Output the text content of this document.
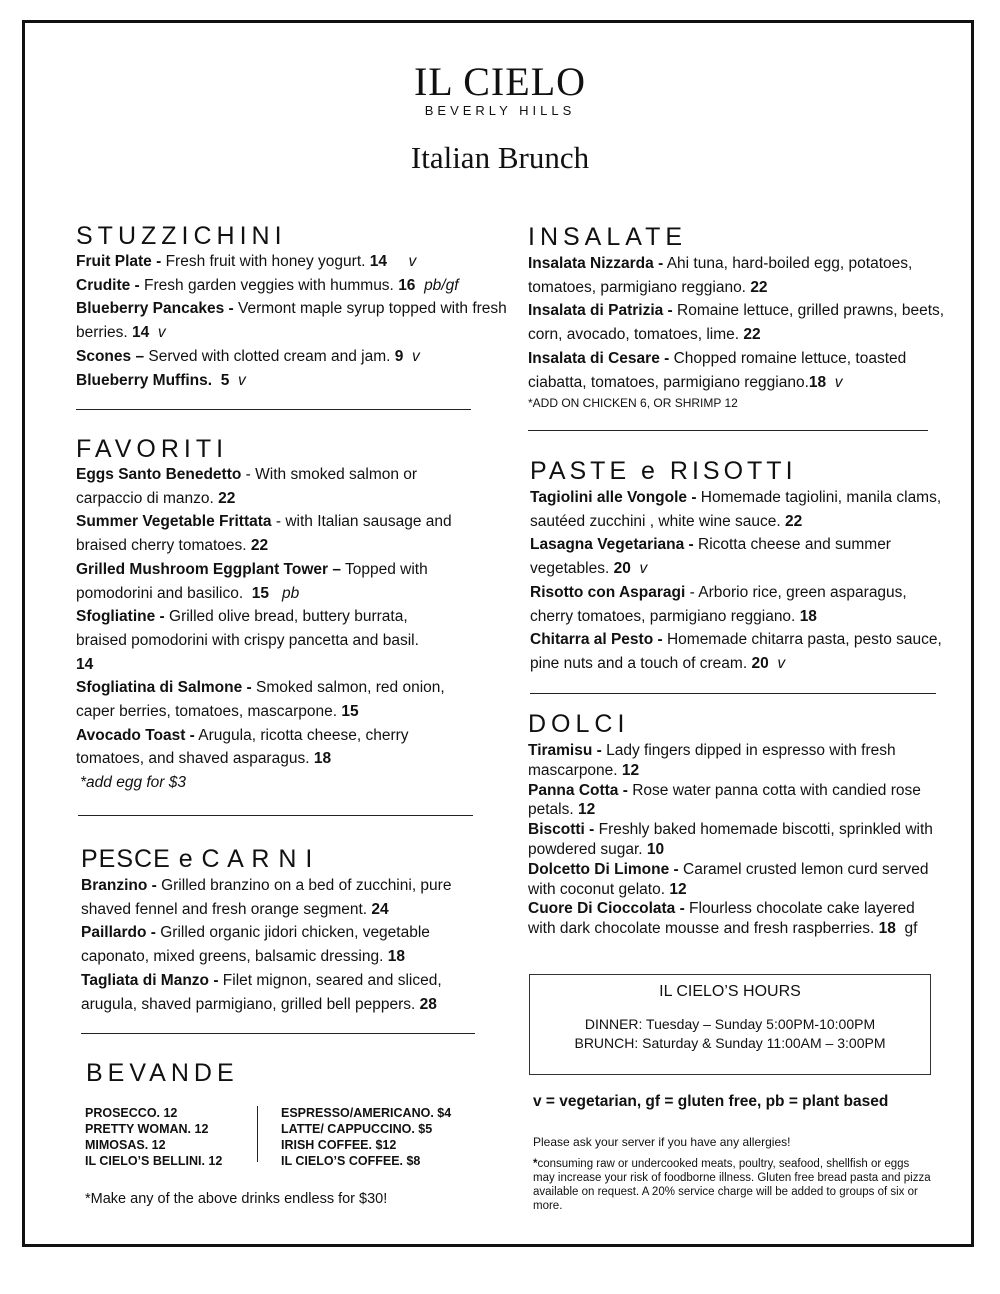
IL CIELO
BEVERLY HILLS
Italian Brunch
STUZZICHINI
Fruit Plate - Fresh fruit with honey yogurt. 14 v
Crudite - Fresh garden veggies with hummus. 16 pb/gf
Blueberry Pancakes - Vermont maple syrup topped with fresh berries. 14 v
Scones – Served with clotted cream and jam. 9 v
Blueberry Muffins. 5 v
FAVORITI
Eggs Santo Benedetto - With smoked salmon or carpaccio di manzo. 22
Summer Vegetable Frittata - with Italian sausage and braised cherry tomatoes. 22
Grilled Mushroom Eggplant Tower – Topped with pomodorini and basilico. 15 pb
Sfogliatine - Grilled olive bread, buttery burrata, braised pomodorini with crispy pancetta and basil. 14
Sfogliatina di Salmone - Smoked salmon, red onion, caper berries, tomatoes, mascarpone. 15
Avocado Toast - Arugula, ricotta cheese, cherry tomatoes, and shaved asparagus. 18
*add egg for $3
PESCE e C A R N I
Branzino - Grilled branzino on a bed of zucchini, pure shaved fennel and fresh orange segment. 24
Paillardo - Grilled organic jidori chicken, vegetable caponato, mixed greens, balsamic dressing. 18
Tagliata di Manzo - Filet mignon, seared and sliced, arugula, shaved parmigiano, grilled bell peppers. 28
BEVANDE
PROSECCO. 12
PRETTY WOMAN. 12
MIMOSAS. 12
IL CIELO’S BELLINI. 12
ESPRESSO/AMERICANO. $4
LATTE/ CAPPUCCINO. $5
IRISH COFFEE. $12
IL CIELO’S COFFEE. $8
*Make any of the above drinks endless for $30!
INSALATE
Insalata Nizzarda - Ahi tuna, hard-boiled egg, potatoes, tomatoes, parmigiano reggiano. 22
Insalata di Patrizia - Romaine lettuce, grilled prawns, beets, corn, avocado, tomatoes, lime. 22
Insalata di Cesare - Chopped romaine lettuce, toasted ciabatta, tomatoes, parmigiano reggiano.18 v
*ADD ON CHICKEN 6, OR SHRIMP 12
PASTE e RISOTTI
Tagiolini alle Vongole - Homemade tagiolini, manila clams, sautéed zucchini , white wine sauce. 22
Lasagna Vegetariana - Ricotta cheese and summer vegetables. 20 v
Risotto con Asparagi - Arborio rice, green asparagus, cherry tomatoes, parmigiano reggiano. 18
Chitarra al Pesto - Homemade chitarra pasta, pesto sauce, pine nuts and a touch of cream. 20 v
DOLCI
Tiramisu - Lady fingers dipped in espresso with fresh mascarpone. 12
Panna Cotta - Rose water panna cotta with candied rose petals. 12
Biscotti - Freshly baked homemade biscotti, sprinkled with powdered sugar. 10
Dolcetto Di Limone - Caramel crusted lemon curd served with coconut gelato. 12
Cuore Di Cioccolata - Flourless chocolate cake layered with dark chocolate mousse and fresh raspberries. 18 gf
IL CIELO’S HOURS
DINNER: Tuesday – Sunday 5:00PM-10:00PM
BRUNCH: Saturday & Sunday 11:00AM – 3:00PM
v = vegetarian, gf = gluten free, pb = plant based
Please ask your server if you have any allergies!
*consuming raw or undercooked meats, poultry, seafood, shellfish or eggs may increase your risk of foodborne illness. Gluten free bread pasta and pizza available on request. A 20% service charge will be added to groups of six or more.
